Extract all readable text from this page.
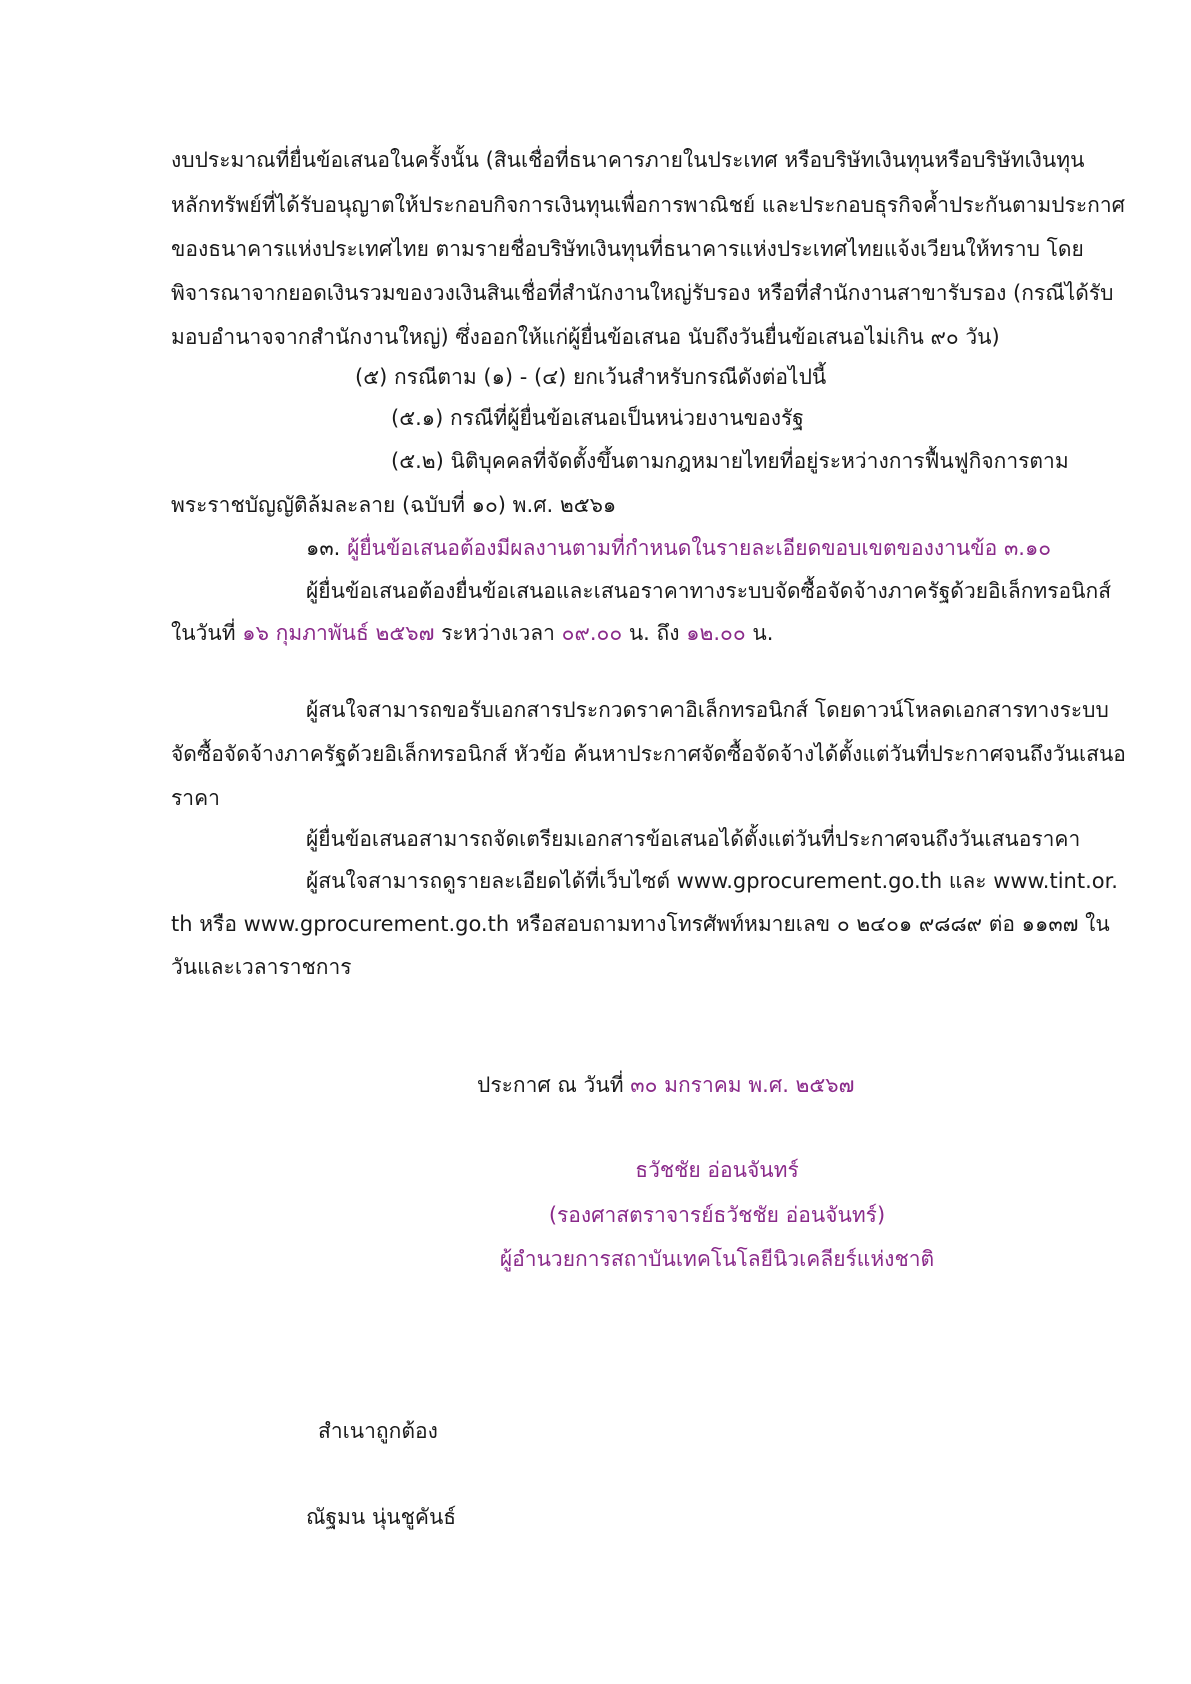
งบประมาณที่ยื่นข้อเสนอในครั้งนั้น (สินเชื่อที่ธนาคารภายในประเทศ หรือบริษัทเงินทุนหรือบริษัทเงินทุน
หลักทรัพย์ที่ได้รับอนุญาตให้ประกอบกิจการเงินทุนเพื่อการพาณิชย์ และประกอบธุรกิจค้ำประกันตามประกาศ
ของธนาคารแห่งประเทศไทย ตามรายชื่อบริษัทเงินทุนที่ธนาคารแห่งประเทศไทยแจ้งเวียนให้ทราบ โดย
พิจารณาจากยอดเงินรวมของวงเงินสินเชื่อที่สำนักงานใหญ่รับรอง หรือที่สำนักงานสาขารับรอง (กรณีได้รับ
มอบอำนาจจากสำนักงานใหญ่) ซึ่งออกให้แก่ผู้ยื่นข้อเสนอ นับถึงวันยื่นข้อเสนอไม่เกิน ๙๐ วัน)
(๕) กรณีตาม (๑) - (๔) ยกเว้นสำหรับกรณีดังต่อไปนี้
(๕.๑) กรณีที่ผู้ยื่นข้อเสนอเป็นหน่วยงานของรัฐ
(๕.๒) นิติบุคคลที่จัดตั้งขึ้นตามกฎหมายไทยที่อยู่ระหว่างการฟื้นฟูกิจการตาม
พระราชบัญญัติล้มละลาย (ฉบับที่ ๑๐) พ.ศ. ๒๕๖๑
๑๓. ผู้ยื่นข้อเสนอต้องมีผลงานตามที่กำหนดในรายละเอียดขอบเขตของงานข้อ ๓.๑๐
ผู้ยื่นข้อเสนอต้องยื่นข้อเสนอและเสนอราคาทางระบบจัดซื้อจัดจ้างภาครัฐด้วยอิเล็กทรอนิกส์
ในวันที่ ๑๖ กุมภาพันธ์ ๒๕๖๗ ระหว่างเวลา ๐๙.๐๐ น. ถึง ๑๒.๐๐ น.
ผู้สนใจสามารถขอรับเอกสารประกวดราคาอิเล็กทรอนิกส์ โดยดาวน์โหลดเอกสารทางระบบ
จัดซื้อจัดจ้างภาครัฐด้วยอิเล็กทรอนิกส์ หัวข้อ ค้นหาประกาศจัดซื้อจัดจ้างได้ตั้งแต่วันที่ประกาศจนถึงวันเสนอ
ราคา
ผู้ยื่นข้อเสนอสามารถจัดเตรียมเอกสารข้อเสนอได้ตั้งแต่วันที่ประกาศจนถึงวันเสนอราคา
ผู้สนใจสามารถดูรายละเอียดได้ที่เว็บไซต์ www.gprocurement.go.th และ www.tint.or.
th หรือ www.gprocurement.go.th หรือสอบถามทางโทรศัพท์หมายเลข ๐ ๒๔๐๑ ๙๘๘๙ ต่อ ๑๑๓๗ ใน
วันและเวลาราชการ
ประกาศ ณ วันที่ ๓๐ มกราคม พ.ศ. ๒๕๖๗
ธวัชชัย อ่อนจันทร์
(รองศาสตราจารย์ธวัชชัย อ่อนจันทร์)
ผู้อำนวยการสถาบันเทคโนโลยีนิวเคลียร์แห่งชาติ
สำเนาถูกต้อง
ณัฐมน นุ่นชูคันธ์
